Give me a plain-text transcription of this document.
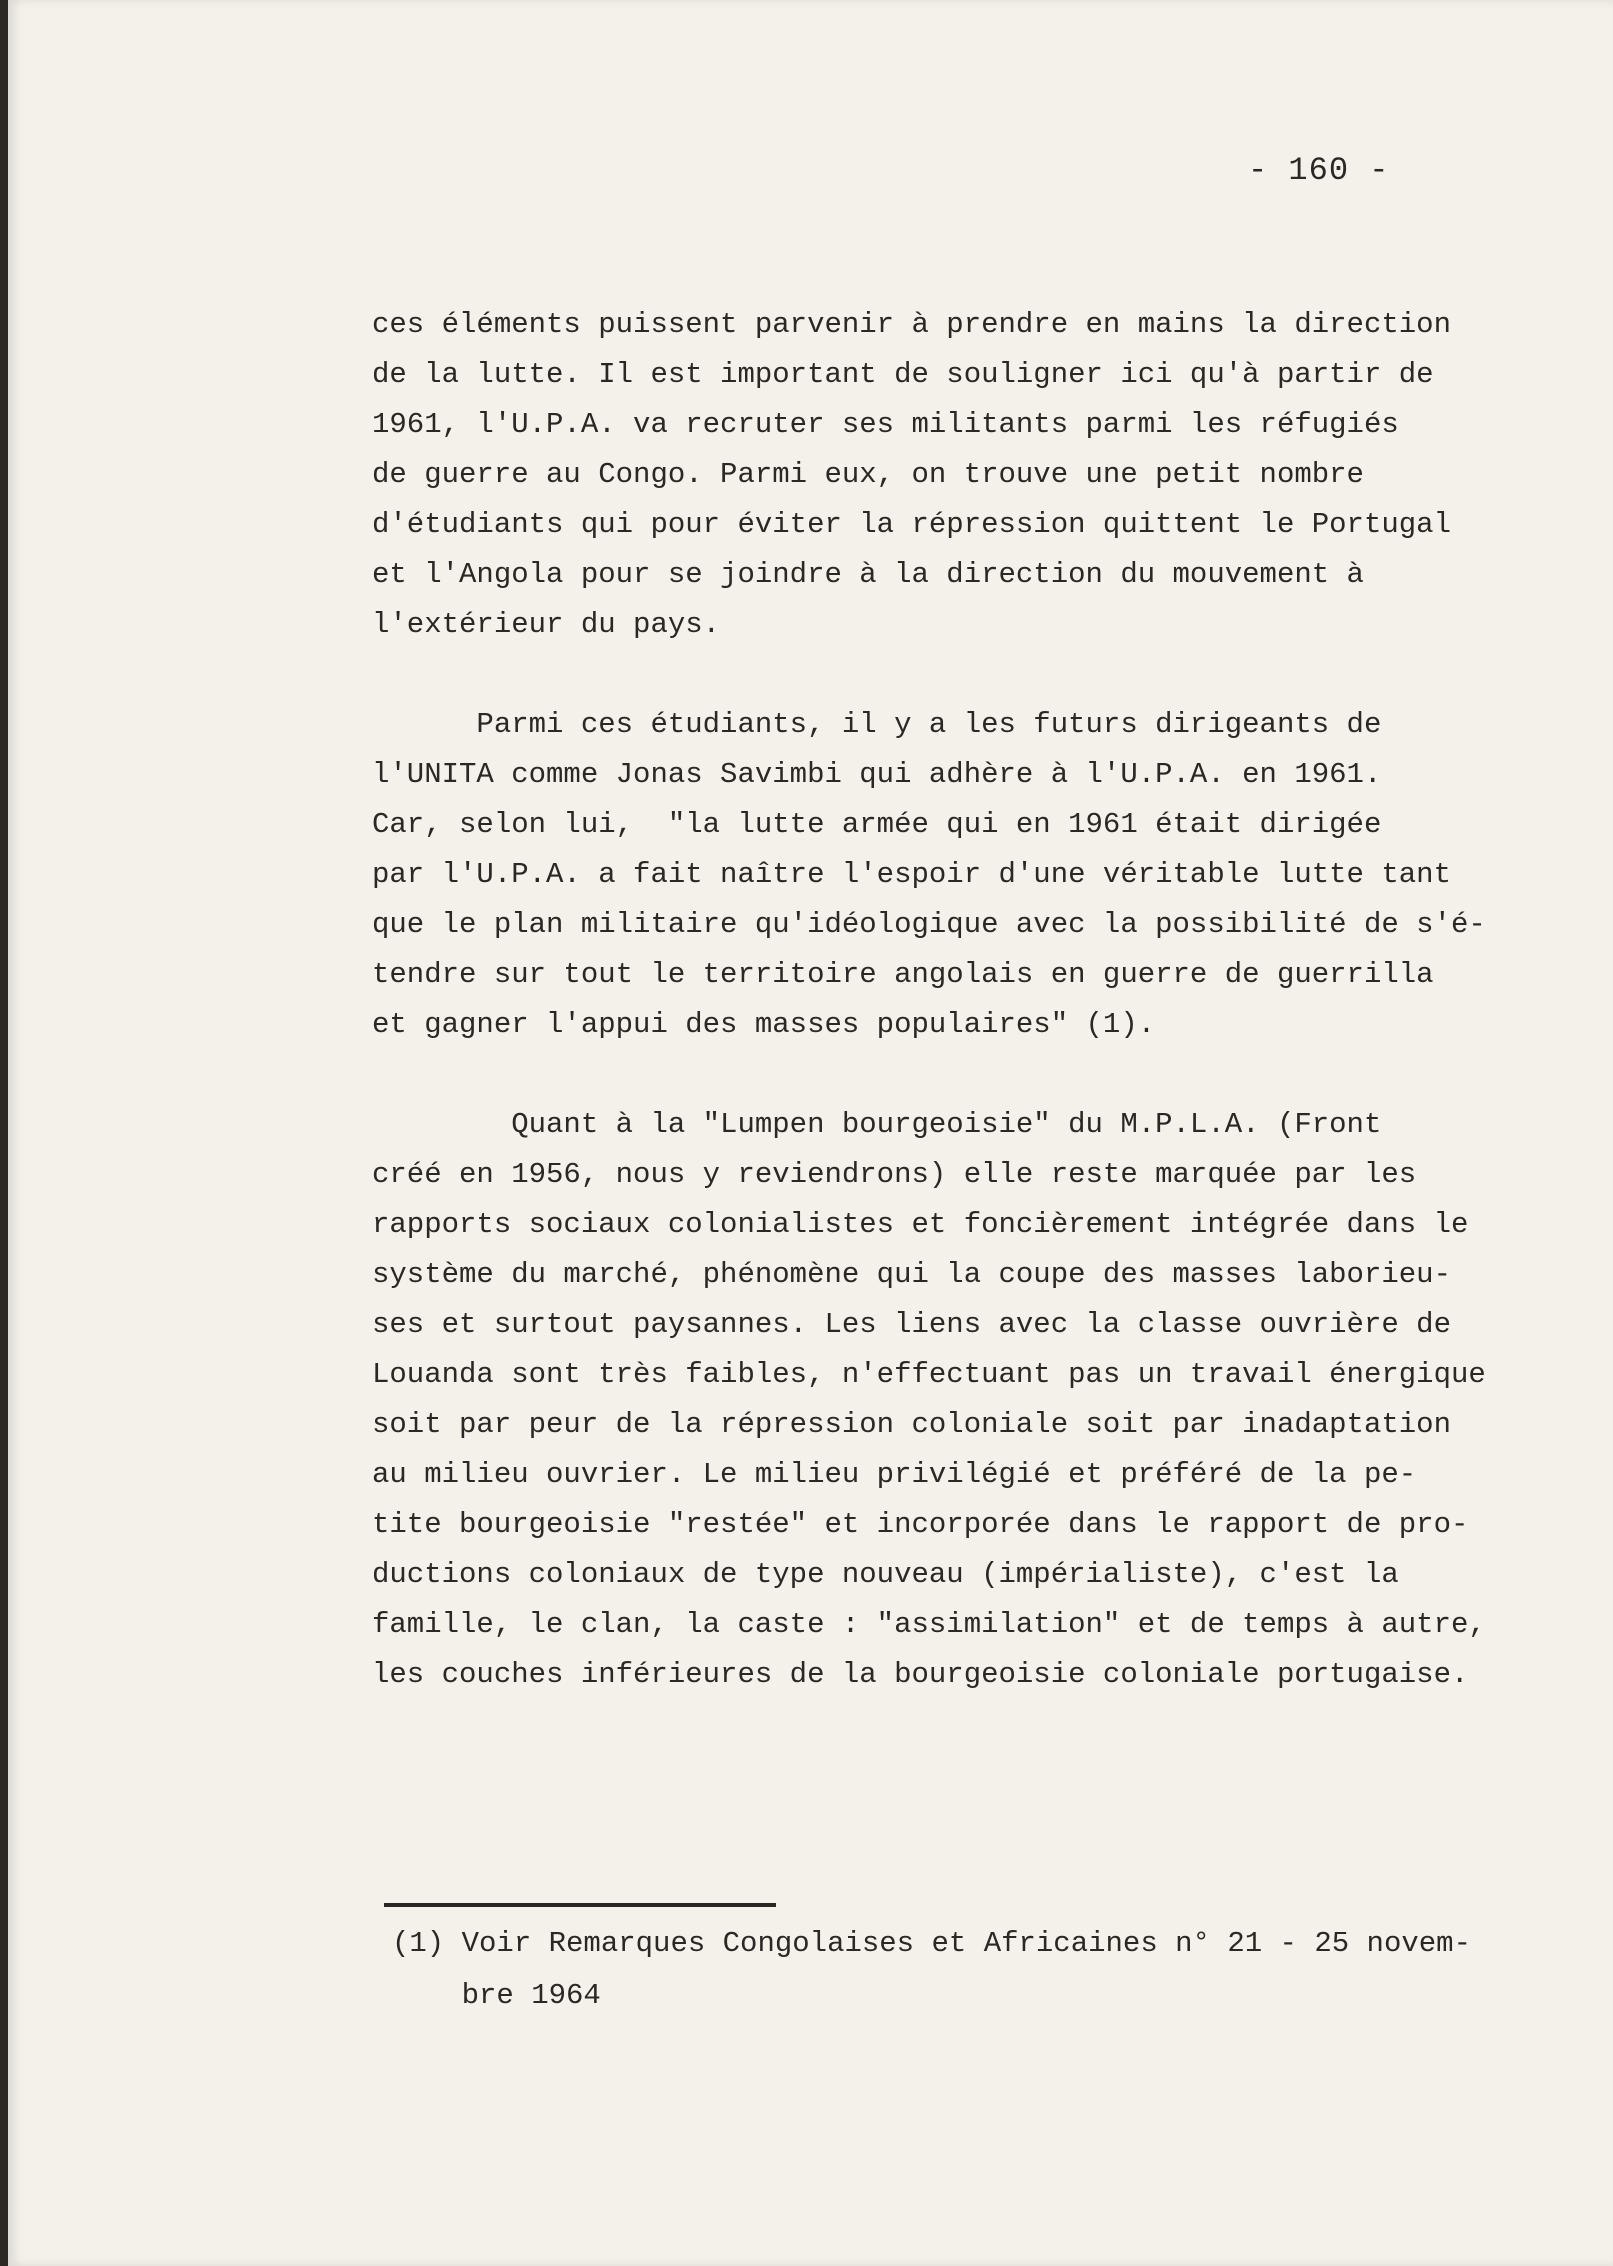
- 160 -
ces éléments puissent parvenir à prendre en mains la direction
de la lutte. Il est important de souligner ici qu'à partir de
1961, l'U.P.A. va recruter ses militants parmi les réfugiés
de guerre au Congo. Parmi eux, on trouve une petit nombre
d'étudiants qui pour éviter la répression quittent le Portugal
et l'Angola pour se joindre à la direction du mouvement à
l'extérieur du pays.
Parmi ces étudiants, il y a les futurs dirigeants de
l'UNITA comme Jonas Savimbi qui adhère à l'U.P.A. en 1961.
Car, selon lui,  "la lutte armée qui en 1961 était dirigée
par l'U.P.A. a fait naître l'espoir d'une véritable lutte tant
que le plan militaire qu'idéologique avec la possibilité de s'é-
tendre sur tout le territoire angolais en guerre de guerrilla
et gagner l'appui des masses populaires" (1).
Quant à la "Lumpen bourgeoisie" du M.P.L.A. (Front
créé en 1956, nous y reviendrons) elle reste marquée par les
rapports sociaux colonialistes et foncièrement intégrée dans le
système du marché, phénomène qui la coupe des masses laborieu-
ses et surtout paysannes. Les liens avec la classe ouvrière de
Louanda sont très faibles, n'effectuant pas un travail énergique
soit par peur de la répression coloniale soit par inadaptation
au milieu ouvrier. Le milieu privilégié et préféré de la pe-
tite bourgeoisie "restée" et incorporée dans le rapport de pro-
ductions coloniaux de type nouveau (impérialiste), c'est la
famille, le clan, la caste : "assimilation" et de temps à autre,
les couches inférieures de la bourgeoisie coloniale portugaise.
(1) Voir Remarques Congolaises et Africaines n° 21 - 25 novem-
bre 1964
